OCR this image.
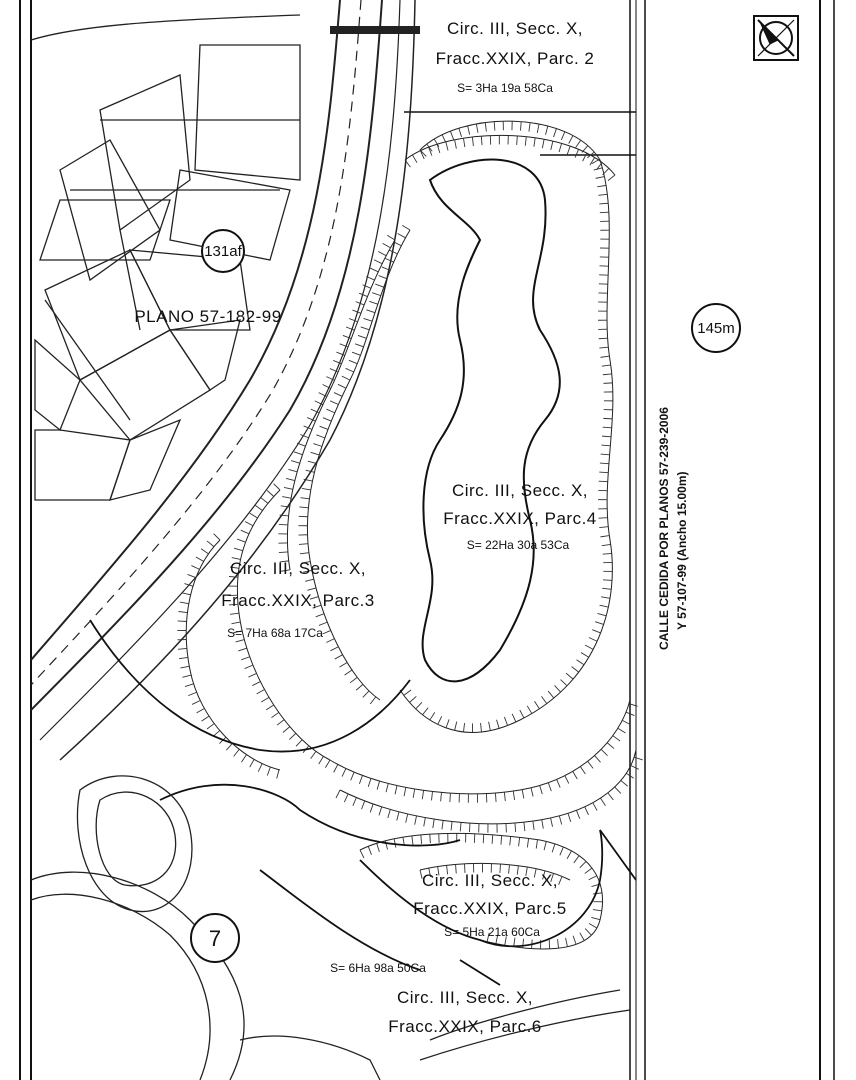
131af
145m
7
Circ. III, Secc. X,
Fracc.XXIX, Parc. 2
S= 3Ha 19a 58Ca
Circ. III, Secc. X,
Fracc.XXIX, Parc.4
S= 22Ha 30a 53Ca
Circ. III, Secc. X,
Fracc.XXIX, Parc.3
S= 7Ha 68a 17Ca
Circ. III, Secc. X,
Fracc.XXIX, Parc.5
S= 5Ha 21a 60Ca
S= 6Ha 98a 50Ca
Circ. III, Secc. X,
Fracc.XXIX, Parc.6
PLANO 57-182-99
CALLE CEDIDA POR PLANOS 57-239-2006 Y 57-107-99 (Ancho 15.00m)
